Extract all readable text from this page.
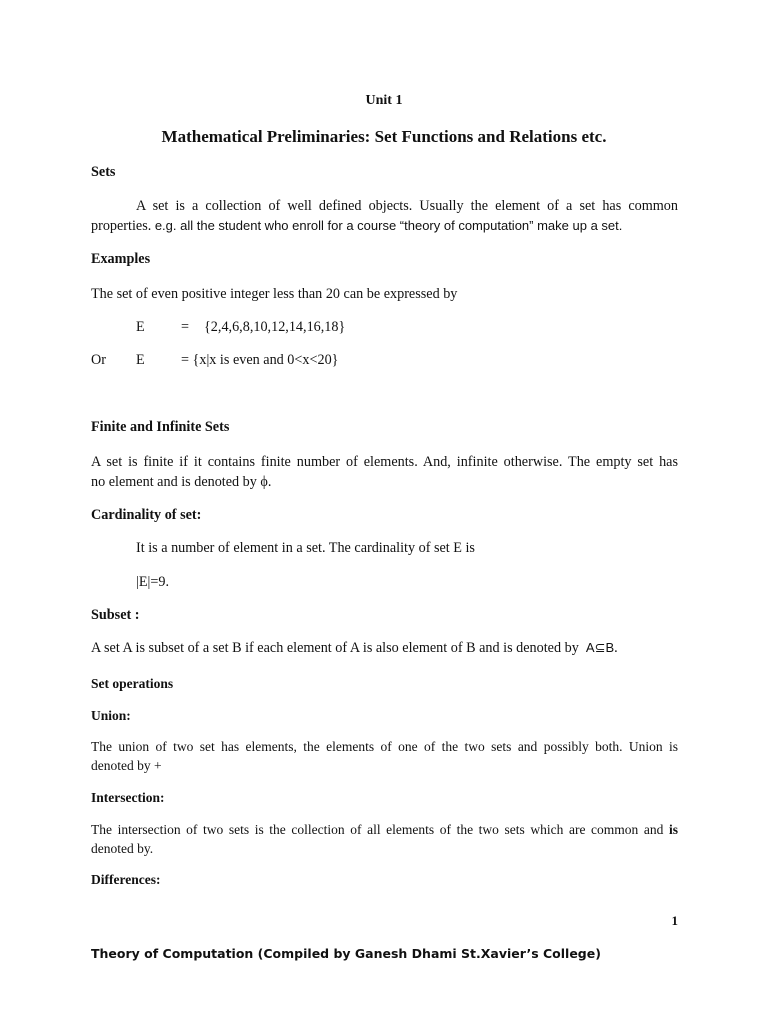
Unit 1
Mathematical Preliminaries: Set Functions and Relations etc.
Sets
A set is a collection of well defined objects. Usually the element of a set has common
properties. e.g. all the student who enroll for a course “theory of computation” make up a set.
Examples
The set of even positive integer less than 20 can be expressed by
E	= {2,4,6,8,10,12,14,16,18}
Or E	= {x|x is even and 0<x<20}
Finite and Infinite Sets
A set is finite if it contains finite number of elements. And, infinite otherwise. The empty set has
no element and is denoted by ϕ.
Cardinality of set:
It is a number of element in a set. The cardinality of set E is
|E|=9.
Subset :
A set A is subset of a set B if each element of A is also element of B and is denoted by A⊆B.
Set operations
Union:
The union of two set has elements, the elements of one of the two sets and possibly both. Union is
denoted by +
Intersection:
The intersection of two sets is the collection of all elements of the two sets which are common and is
denoted by.
Differences:
1
Theory of Computation (Compiled by Ganesh Dhami St.Xavier’s College)
